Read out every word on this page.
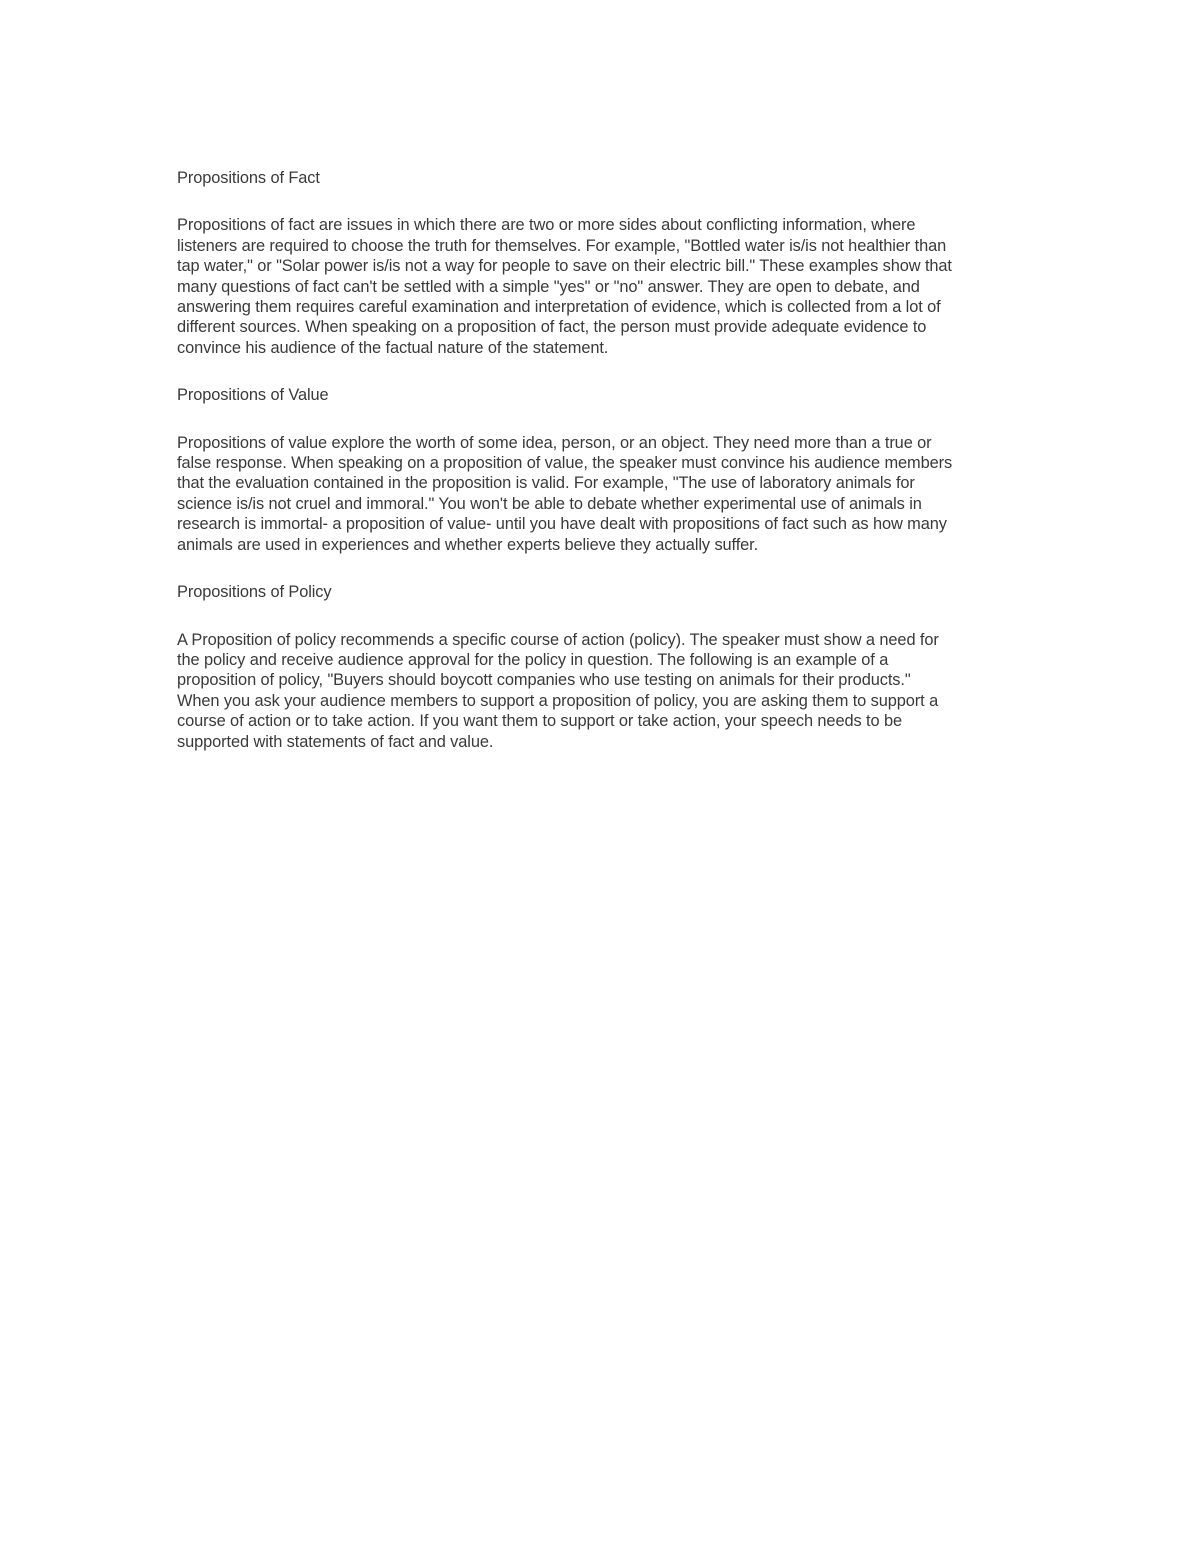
Propositions of Fact
Propositions of fact are issues in which there are two or more sides about conflicting information, where
listeners are required to choose the truth for themselves. For example, "Bottled water is/is not healthier than
tap water," or "Solar power is/is not a way for people to save on their electric bill." These examples show that
many questions of fact can't be settled with a simple "yes" or "no" answer. They are open to debate, and
answering them requires careful examination and interpretation of evidence, which is collected from a lot of
different sources. When speaking on a proposition of fact, the person must provide adequate evidence to
convince his audience of the factual nature of the statement.
Propositions of Value
Propositions of value explore the worth of some idea, person, or an object. They need more than a true or
false response. When speaking on a proposition of value, the speaker must convince his audience members
that the evaluation contained in the proposition is valid. For example, "The use of laboratory animals for
science is/is not cruel and immoral." You won't be able to debate whether experimental use of animals in
research is immortal- a proposition of value- until you have dealt with propositions of fact such as how many
animals are used in experiences and whether experts believe they actually suffer.
Propositions of Policy
A Proposition of policy recommends a specific course of action (policy). The speaker must show a need for
the policy and receive audience approval for the policy in question. The following is an example of a
proposition of policy, "Buyers should boycott companies who use testing on animals for their products."
When you ask your audience members to support a proposition of policy, you are asking them to support a
course of action or to take action. If you want them to support or take action, your speech needs to be
supported with statements of fact and value.
